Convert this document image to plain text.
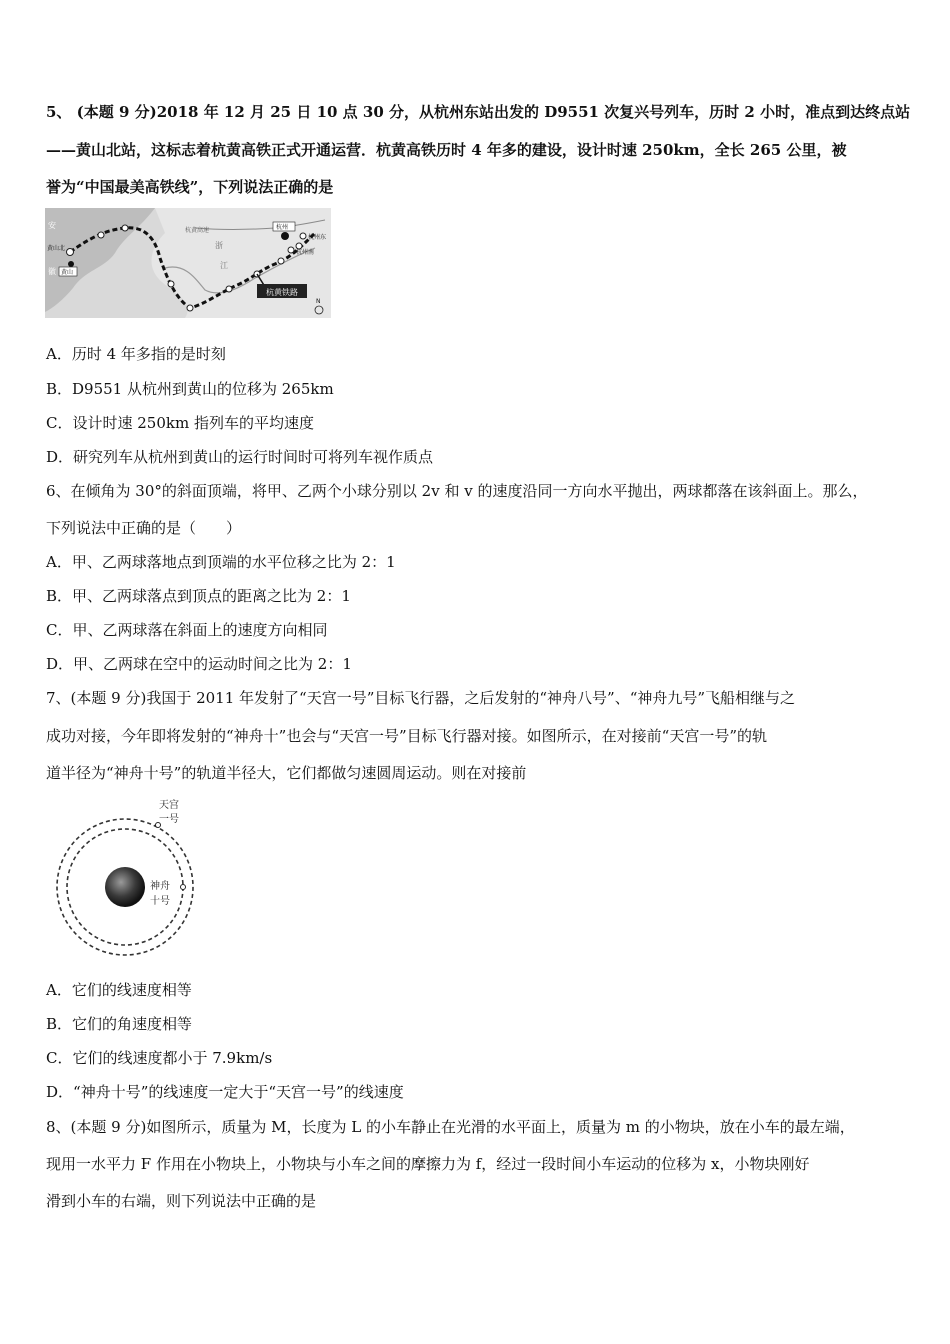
5、 (本题 9 分)2018 年 12 月 25 日 10 点 30 分，从杭州东站出发的 D9551 次复兴号列车，历时 2 小时，准点到达终点站
——黄山北站，这标志着杭黄高铁正式开通运营．杭黄高铁历时 4 年多的建设，设计时速 250km，全长 265 公里，被
誉为“中国最美高铁线”，下列说法正确的是
杭黄铁路
安
徽
黄山北
黄山
杭州
杭州东
杭州南
浙
江
杭黄高速
N
A．历时 4 年多指的是时刻
B．D9551 从杭州到黄山的位移为 265km
C．设计时速 250km 指列车的平均速度
D．研究列车从杭州到黄山的运行时间时可将列车视作质点
6、在倾角为 30°的斜面顶端，将甲、乙两个小球分别以 2v 和 v 的速度沿同一方向水平抛出，两球都落在该斜面上。那么，
下列说法中正确的是（　　）
A．甲、乙两球落地点到顶端的水平位移之比为 2：1
B．甲、乙两球落点到顶点的距离之比为 2：1
C．甲、乙两球落在斜面上的速度方向相同
D．甲、乙两球在空中的运动时间之比为 2：1
7、(本题 9 分)我国于 2011 年发射了“天宫一号”目标飞行器，之后发射的“神舟八号”、“神舟九号”飞船相继与之
成功对接，今年即将发射的“神舟十”也会与“天宫一号”目标飞行器对接。如图所示，在对接前“天宫一号”的轨
道半径为“神舟十号”的轨道半径大，它们都做匀速圆周运动。则在对接前
天宫
一号
神舟
十号
A．它们的线速度相等
B．它们的角速度相等
C．它们的线速度都小于 7.9km/s
D．“神舟十号”的线速度一定大于“天宫一号”的线速度
8、(本题 9 分)如图所示，质量为 M，长度为 L 的小车静止在光滑的水平面上，质量为 m 的小物块，放在小车的最左端，
现用一水平力 F 作用在小物块上，小物块与小车之间的摩擦力为 f，经过一段时间小车运动的位移为 x，小物块刚好
滑到小车的右端，则下列说法中正确的是
